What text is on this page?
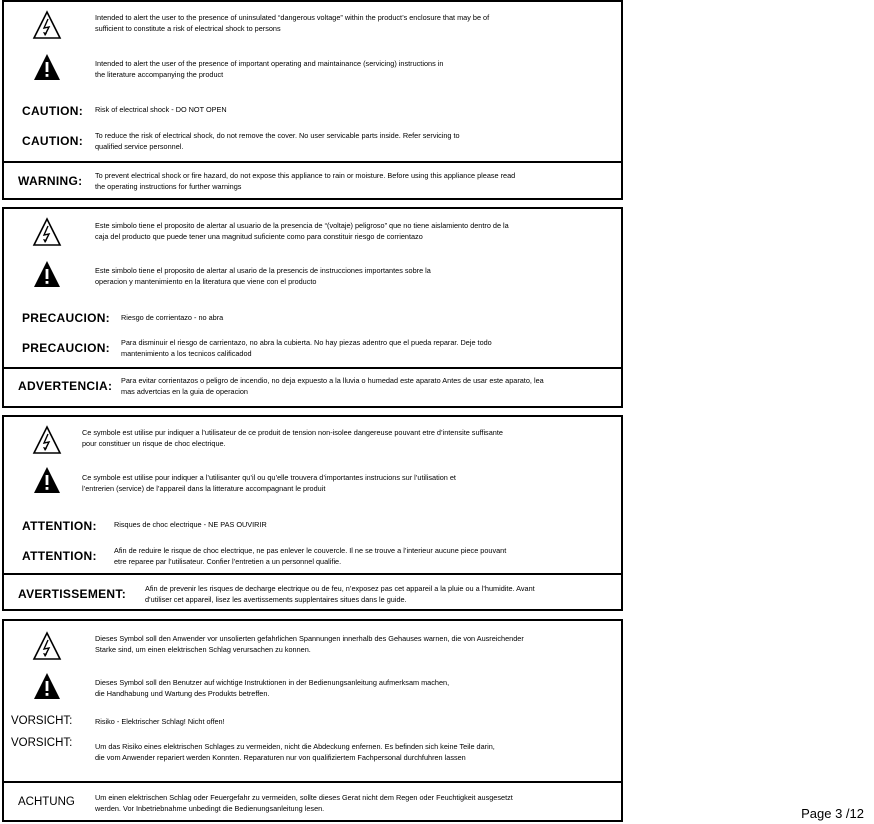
Intended to alert the user to the presence of uninsulated “dangerous voltage” within the product’s enclosure that may be of
sufficient to constitute a risk of electrical shock to persons
Intended to alert the user of the presence of important operating and maintainance (servicing) instructions in
the literature accompanying the product
CAUTION: Risk of electrical shock - DO NOT OPEN
CAUTION: To reduce the risk of electrical shock, do not remove the cover. No user servicable parts inside. Refer servicing to
qualified service personnel.
WARNING: To prevent electrical shock or fire hazard, do not expose this appliance to rain or moisture. Before using this appliance please read
the operating instructions for further warnings
Este simbolo tiene el proposito de alertar al usuario de la presencia de “(voltaje) peligroso” que no tiene aislamiento dentro de la
caja del producto que puede tener una magnitud suficiente como para constituir riesgo de corrientazo
Este simbolo tiene el proposito de alertar al usario de la presencis de instrucciones importantes sobre la
operacion y mantenimiento en la literatura que viene con el producto
PRECAUCION: Riesgo de corrientazo - no abra
PRECAUCION: Para disminuir el riesgo de carrientazo, no abra la cubierta. No hay piezas adentro que el pueda reparar. Deje todo
mantenimiento a los tecnicos calificadod
ADVERTENCIA: Para evitar corrientazos o peligro de incendio, no deja expuesto a la lluvia o humedad este aparato Antes de usar este aparato, lea
mas advertcias en la guia de operacion
Ce symbole est utilise pur indiquer a l’utilisateur de ce produit de tension non-isolee dangereuse pouvant etre d’intensite suffisante
pour constituer un risque de choc electrique.
Ce symbole est utilise pour indiquer a l’utilisanter qu’il ou qu’elle trouvera d’importantes instrucions sur l’utilisation et
l’entrerien (service) de l’appareil dans la litterature accompagnant le produit
ATTENTION: Risques de choc electrique - NE PAS OUVIRIR
ATTENTION: Afin de reduire le risque de choc electrique, ne pas enlever le couvercle. Il ne se trouve a l’interieur aucune piece pouvant
etre reparee par l’utilisateur. Confier l’entretien a un personnel qualifie.
AVERTISSEMENT:	Afin de prevenir les risques de decharge electrique ou de feu, n’exposez pas cet appareil a la pluie ou a l’humidite. Avant
d’utiliser cet appareil, lisez les avertissements supplentaires situes dans le guide.
Dieses Symbol soll den Anwender vor unsolierten gefahrlichen Spannungen innerhalb des Gehauses warnen, die von Ausreichender
Starke sind, um einen elektrischen Schlag verursachen zu konnen.
Dieses Symbol soll den Benutzer auf wichtige Instruktionen in der Bedienungsanleitung aufmerksam machen,
die Handhabung und Wartung des Produkts betreffen.
VORSICHT:	Risiko - Elektrischer Schlag! Nicht offen!
VORSICHT:	Um das Risiko eines elektrischen Schlages zu vermeiden, nicht die Abdeckung enfernen. Es befinden sich keine Teile darin,
die vom Anwender repariert werden Konnten. Reparaturen nur von qualifiziertem Fachpersonal durchfuhren lassen
ACHTUNG	Um einen elektrischen Schlag oder Feuergefahr zu vermeiden, sollte dieses Gerat nicht dem Regen oder Feuchtigkeit ausgesetzt
werden. Vor Inbetriebnahme unbedingt die Bedienungsanleitung lesen.	Page 3 /12
